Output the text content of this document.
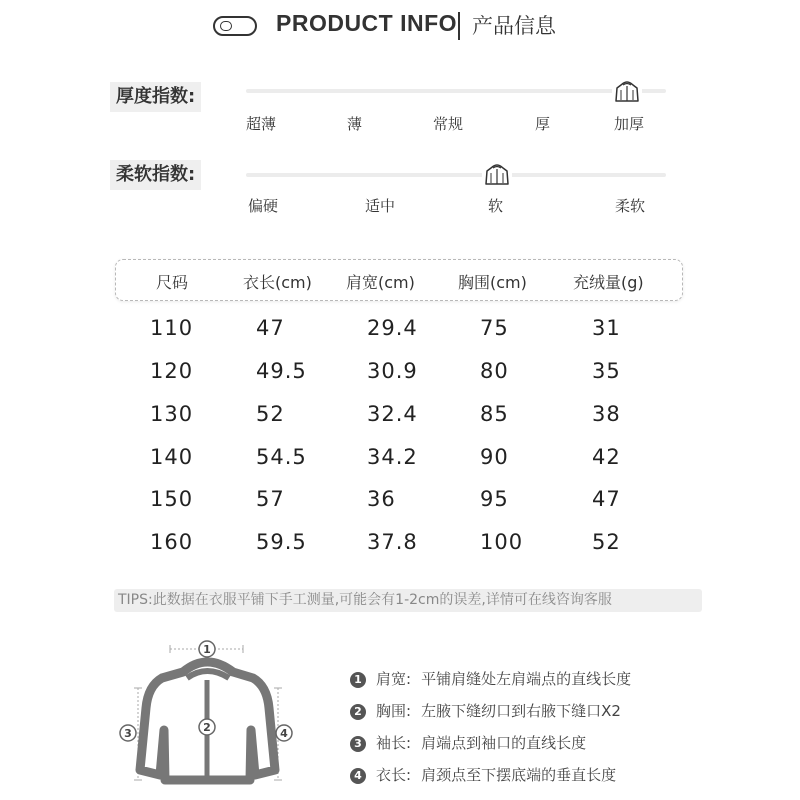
PRODUCT INFO 产品信息
厚度指数:
超薄	薄	常规	厚	加厚
柔软指数:
偏硬	适中	软	柔软
尺码	衣长(cm) 肩宽(cm)	胸围(cm)	充绒量(g)
110	47	29.4	75	31
120	49.5	30.9	80	35
130	52	32.4	85	38
140	54.5	34.2	90	42
150	57	36	95	47
160	59.5	37.8	100	52
TIPS:此数据在衣服平铺下手工测量,可能会有1-2cm的误差,详情可在线咨询客服
1
2
3	4
1 肩宽: 平铺肩缝处左肩端点的直线长度
2 胸围: 左腋下缝纫口到右腋下缝口X2
3 袖长: 肩端点到袖口的直线长度
4 衣长: 肩颈点至下摆底端的垂直长度
